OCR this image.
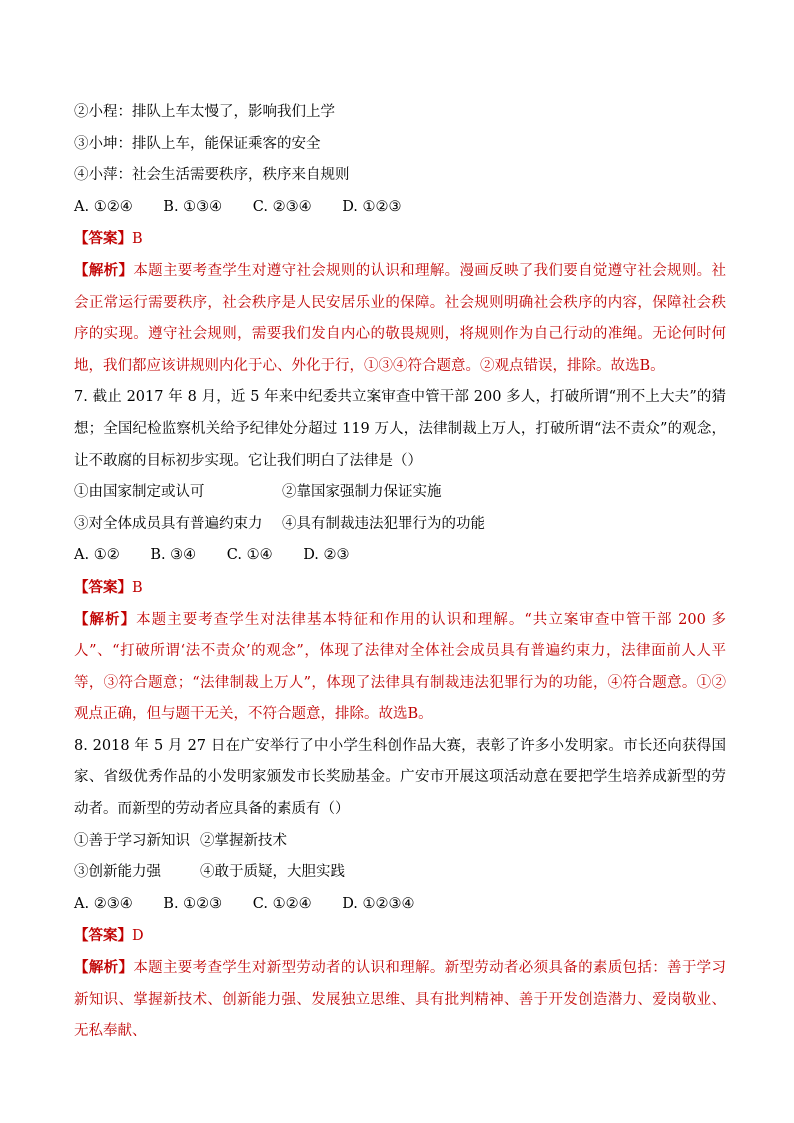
②小程：排队上车太慢了，影响我们上学
③小坤：排队上车，能保证乘客的安全
④小萍：社会生活需要秩序，秩序来自规则
A. ①②④ B. ①③④ C. ②③④ D. ①②③
【答案】B
【解析】本题主要考查学生对遵守社会规则的认识和理解。漫画反映了我们要自觉遵守社会规则。社会正常运行需要秩序，社会秩序是人民安居乐业的保障。社会规则明确社会秩序的内容，保障社会秩序的实现。遵守社会规则，需要我们发自内心的敬畏规则，将规则作为自己行动的准绳。无论何时何地，我们都应该讲规则内化于心、外化于行，①③④符合题意。②观点错误，排除。故选B。
7. 截止 2017 年 8 月，近 5 年来中纪委共立案审查中管干部 200 多人，打破所谓“刑不上大夫”的猜想；全国纪检监察机关给予纪律处分超过 119 万人，法律制裁上万人，打破所谓“法不责众”的观念，让不敢腐的目标初步实现。它让我们明白了法律是（）
①由国家制定或认可	②靠国家强制力保证实施
③对全体成员具有普遍约束力 ④具有制裁违法犯罪行为的功能
A. ①② B. ③④ C. ①④ D. ②③
【答案】B
【解析】本题主要考查学生对法律基本特征和作用的认识和理解。“共立案审查中管干部 200 多人”、“打破所谓‘法不责众’的观念”，体现了法律对全体社会成员具有普遍约束力，法律面前人人平等，③符合题意；“法律制裁上万人”，体现了法律具有制裁违法犯罪行为的功能，④符合题意。①②观点正确，但与题干无关，不符合题意，排除。故选B。
8. 2018 年 5 月 27 日在广安举行了中小学生科创作品大赛，表彰了许多小发明家。市长还向获得国家、省级优秀作品的小发明家颁发市长奖励基金。广安市开展这项活动意在要把学生培养成新型的劳动者。而新型的劳动者应具备的素质有（）
①善于学习新知识 ②掌握新技术
③创新能力强	④敢于质疑，大胆实践
A. ②③④ B. ①②③ C. ①②④ D. ①②③④
【答案】D
【解析】本题主要考查学生对新型劳动者的认识和理解。新型劳动者必须具备的素质包括：善于学习新知识、掌握新技术、创新能力强、发展独立思维、具有批判精神、善于开发创造潜力、爱岗敬业、无私奉献、
